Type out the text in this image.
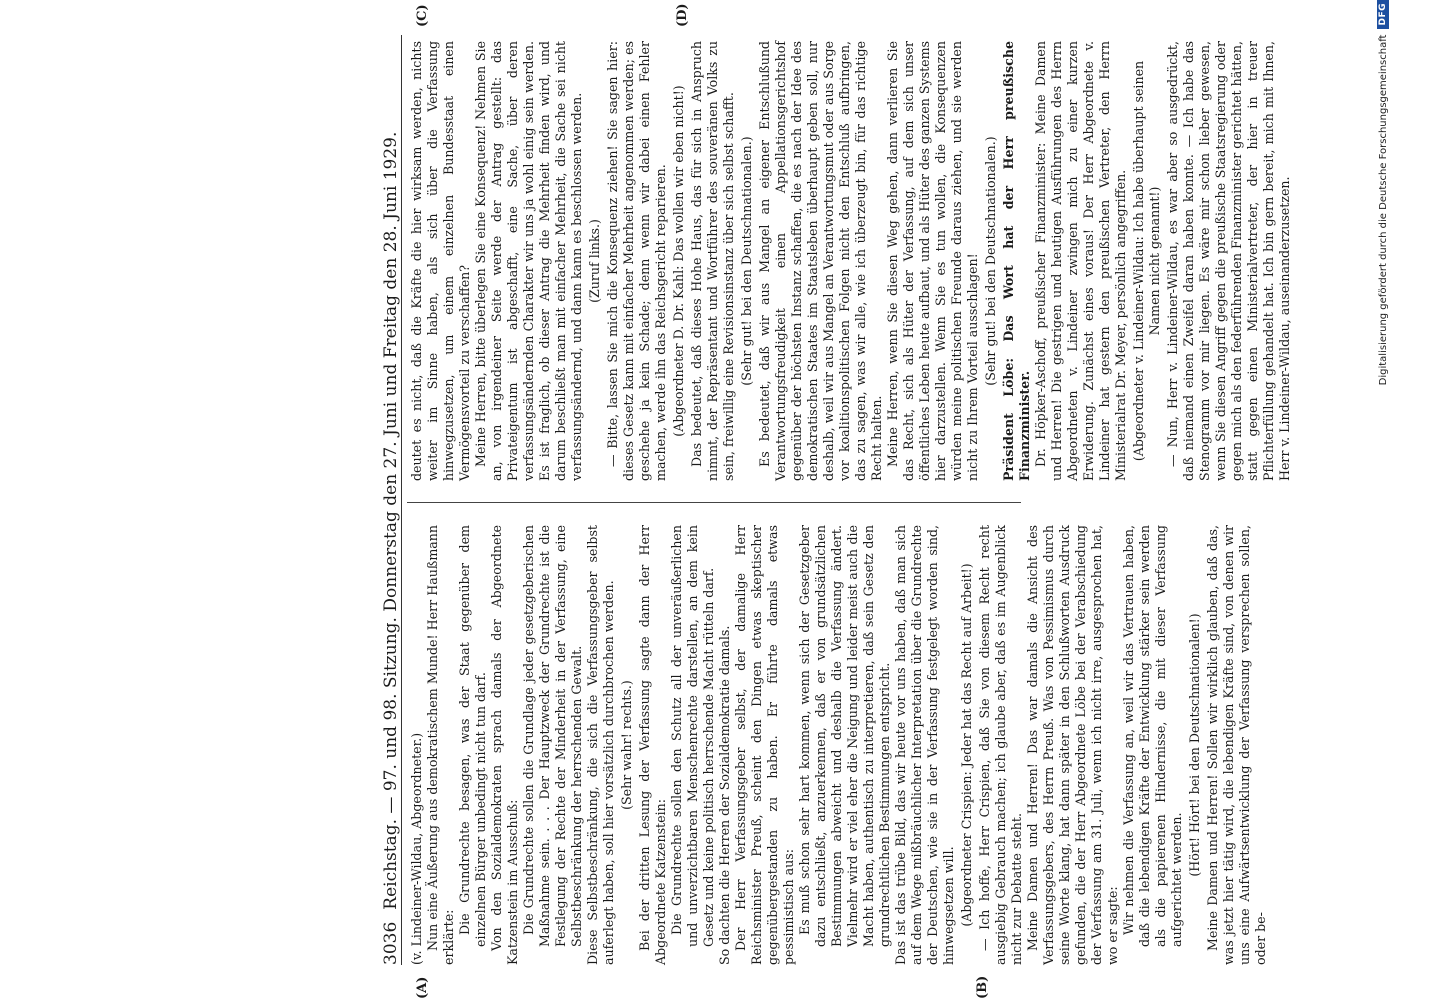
3036
Reichstag. — 97. und 98. Sitzung. Donnerstag den 27. Juni und Freitag den 28. Juni 1929. (v. Lindeiner-Wildau, Abgeordneter.) Nun eine Äußerung aus demokratischem Munde! Herr Haußmann erklärte:

Die Grundrechte besagen, was der Staat gegenüber dem einzelnen Bürger unbedingt nicht tun darf. Von den Sozialdemokraten sprach damals der Abgeordnete Katzenstein im Ausschuß: Die Grundrechte sollen die Grundlage jeder gesetzgeberischen Maßnahme sein. . . . Der Hauptzweck der Grundrechte ist die Festlegung der Rechte der Minderheit in der Verfassung, eine Selbstbeschränkung der herrschenden Gewalt. Diese Selbstbeschränkung, die sich die Verfassungsgeber selbst auferlegt haben, soll hier vorsätzlich durchbrochen werden. (Sehr wahr! rechts.) Bei der dritten Lesung der Verfassung sagte dann der Herr Abgeordnete Katzenstein: Die Grundrechte sollen den Schutz all der unveräußerlichen und unverzichtbaren Menschenrechte darstellen, an dem kein Gesetz und keine politisch herrschende Macht rütteln darf. So dachten die Herren der Sozialdemokratie damals. Der Herr Verfassungsgeber selbst, der damalige Herr Reichsminister Preuß, scheint den Dingen etwas skeptischer gegenübergestanden zu haben. Er führte damals etwas pessimistisch aus: Es muß schon sehr hart kommen, wenn sich der Gesetzgeber dazu entschließt, anzuerkennen, daß er von grundsätzlichen Bestimmungen abweicht und deshalb die Verfassung ändert. Vielmehr wird er viel eher die Neigung und leider meist auch die Macht haben, authentisch zu interpretieren, daß sein Gesetz den grundrechtlichen Bestimmungen entspricht. Das ist das trübe Bild, das wir heute vor uns haben, daß man sich auf dem Wege mißbräuchlicher Interpretation über die Grundrechte der Deutschen, wie sie in der Verfassung festgelegt worden sind, hinwegsetzen will. (Abgeordneter Crispien: Jeder hat das Recht auf Arbeit!) — Ich hoffe, Herr Crispien, daß Sie von diesem Recht recht ausgiebig Gebrauch machen; ich glaube aber, daß es im Augenblick nicht zur Debatte steht. Meine Damen und Herren! Das war damals die Ansicht des Verfassungsgebers, des Herrn Preuß. Was von Pessimismus durch seine Worte klang, hat dann später in den Schlußworten Ausdruck gefunden, die der Herr Abgeordnete Löbe bei der Verabschiedung der Verfassung am 31. Juli, wenn ich nicht irre, ausgesprochen hat, wo er sagte: Wir nehmen die Verfassung an, weil wir das Vertrauen haben, daß die lebendigen Kräfte der Entwicklung stärker sein werden als die papierenen Hindernisse, die mit dieser Verfassung aufgerichtet werden.

(Hört! Hört! bei den Deutschnationalen!) Meine Damen und Herren! Sollen wir wirklich glauben, daß das, was jetzt hier tätig wird, die lebendigen Kräfte sind, von denen wir uns eine Aufwärtsentwicklung der Verfassung versprechen sollen, oder be-

deutet es nicht, daß die Kräfte die hier wirksam werden, nichts weiter im Sinne haben, als sich über die Verfassung hinwegzusetzen, um einem einzelnen Bundesstaat einen Vermögensvorteil zu verschaffen? Meine Herren, bitte überlegen Sie eine Konsequenz! Nehmen Sie an, von irgendeiner Seite werde der Antrag gestellt: das Privateigentum ist abgeschafft, eine Sache, über deren verfassungsändernden Charakter wir uns ja wohl einig sein werden. Es ist fraglich, ob dieser Antrag die Mehrheit finden wird, und darum beschließt man mit einfacher Mehrheit, die Sache sei nicht verfassungsändernd, und dann kann es beschlossen werden. (Zuruf links.) — Bitte, lassen Sie mich die Konsequenz ziehen! Sie sagen hier: dieses Gesetz kann mit einfacher Mehrheit angenommen werden; es geschehe ja kein Schade; denn wenn wir dabei einen Fehler machen, werde ihn das Reichsgericht reparieren. (Abgeordneter D. Dr. Kahl: Das wollen wir eben nicht!) Das bedeutet, daß dieses Hohe Haus, das für sich in Anspruch nimmt, der Repräsentant und Wortführer des souveränen Volks zu sein, freiwillig eine Revisionsinstanz über sich selbst schafft. (Sehr gut! bei den Deutschnationalen.) Es bedeutet, daß wir aus Mangel an eigener Entschlußund Verantwortungsfreudigkeit einen Appellationsgerichtshof gegenüber der höchsten Instanz schaffen, die es nach der Idee des demokratischen Staates im Staatsleben überhaupt geben soll, nur deshalb, weil wir aus Mangel an Verantwortungsmut oder aus Sorge vor koalitionspolitischen Folgen nicht den Entschluß aufbringen, das zu sagen, was wir alle, wie ich überzeugt bin, für das richtige Recht halten. Meine Herren, wenn Sie diesen Weg gehen, dann verlieren Sie das Recht, sich als Hüter der Verfassung, auf dem sich unser öffentliches Leben heute aufbaut, und als Hüter des ganzen Systems hier darzustellen. Wenn Sie es tun wollen, die Konsequenzen würden meine politischen Freunde daraus ziehen, und sie werden nicht zu Ihrem Vorteil ausschlagen! (Sehr gut! bei den Deutschnationalen.) Präsident Löbe: Das Wort hat der Herr preußische Finanzminister. Dr. Höpker-Aschoff, preußischer Finanzminister: Meine Damen und Herren! Die gestrigen und heutigen Ausführungen des Herrn Abgeordneten v. Lindeiner zwingen mich zu einer kurzen Erwiderung. Zunächst eines voraus! Der Herr Abgeordnete v. Lindeiner hat gestern den preußischen Vertreter, den Herrn Ministerialrat Dr. Meyer, persönlich angegriffen. (Abgeordneter v. Lindeiner-Wildau: Ich habe überhaupt seinen Namen nicht genannt!) — Nun, Herr v. Lindeiner-Wildau, es war aber so ausgedrückt, daß niemand einen Zweifel daran haben konnte. — Ich habe das Stenogramm vor mir liegen. Es wäre mir schon lieber gewesen, wenn Sie diesen Angriff gegen die preußische Staatsregierung oder gegen mich als den federführenden Finanzminister gerichtet hätten, statt gegen einen Ministerialvertreter, der hier in treuer Pflichterfüllung gehandelt hat. Ich bin gern bereit, mich mit Ihnen, Herr v. Lindeiner-Wildau, auseinanderzusetzen.

(A)	(B)
(C)	(D)
Digitalisierung gefördert durch die Deutsche Forschungsgemeinschaft
DFG
